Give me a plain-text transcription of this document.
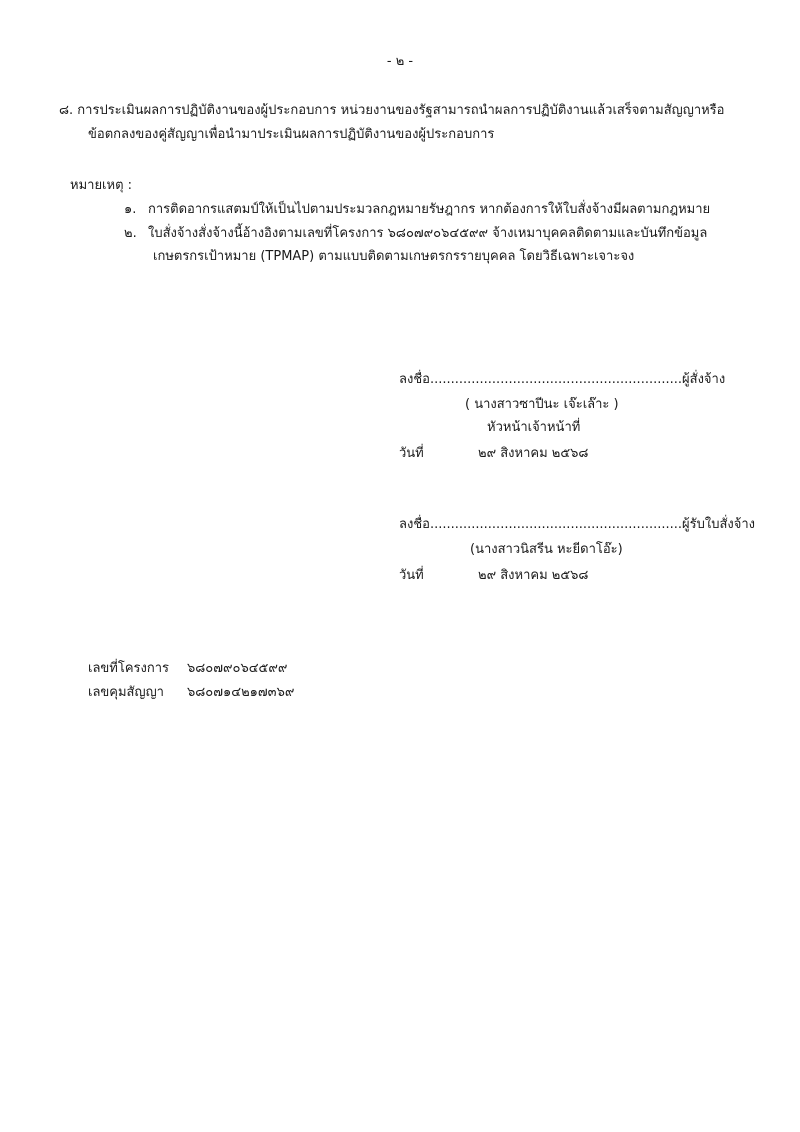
- ๒ -
๘. การประเมินผลการปฏิบัติงานของผู้ประกอบการ หน่วยงานของรัฐสามารถนำผลการปฏิบัติงานแล้วเสร็จตามสัญญาหรือ
ข้อตกลงของคู่สัญญาเพื่อนำมาประเมินผลการปฏิบัติงานของผู้ประกอบการ
หมายเหตุ :
๑. การติดอากรแสตมป์ให้เป็นไปตามประมวลกฎหมายรัษฎากร หากต้องการให้ใบสั่งจ้างมีผลตามกฎหมาย
๒. ใบสั่งจ้างสั่งจ้างนี้อ้างอิงตามเลขที่โครงการ ๖๘๐๗๙๐๖๔๕๙๙ จ้างเหมาบุคคลติดตามและบันทึกข้อมูล
เกษตรกรเป้าหมาย (TPMAP) ตามแบบติดตามเกษตรกรรายบุคคล โดยวิธีเฉพาะเจาะจง
ลงชื่อ.............................................................ผู้สั่งจ้าง
( นางสาวซาปีนะ เจ๊ะเล๊าะ )
หัวหน้าเจ้าหน้าที่
วันที่	๒๙ สิงหาคม ๒๕๖๘
ลงชื่อ.............................................................ผู้รับใบสั่งจ้าง
(นางสาวนิสรีน หะยีดาโอ๊ะ)
วันที่	๒๙ สิงหาคม ๒๕๖๘
เลขที่โครงการ ๖๘๐๗๙๐๖๔๕๙๙
เลขคุมสัญญา ๖๘๐๗๑๔๒๑๗๓๖๙
